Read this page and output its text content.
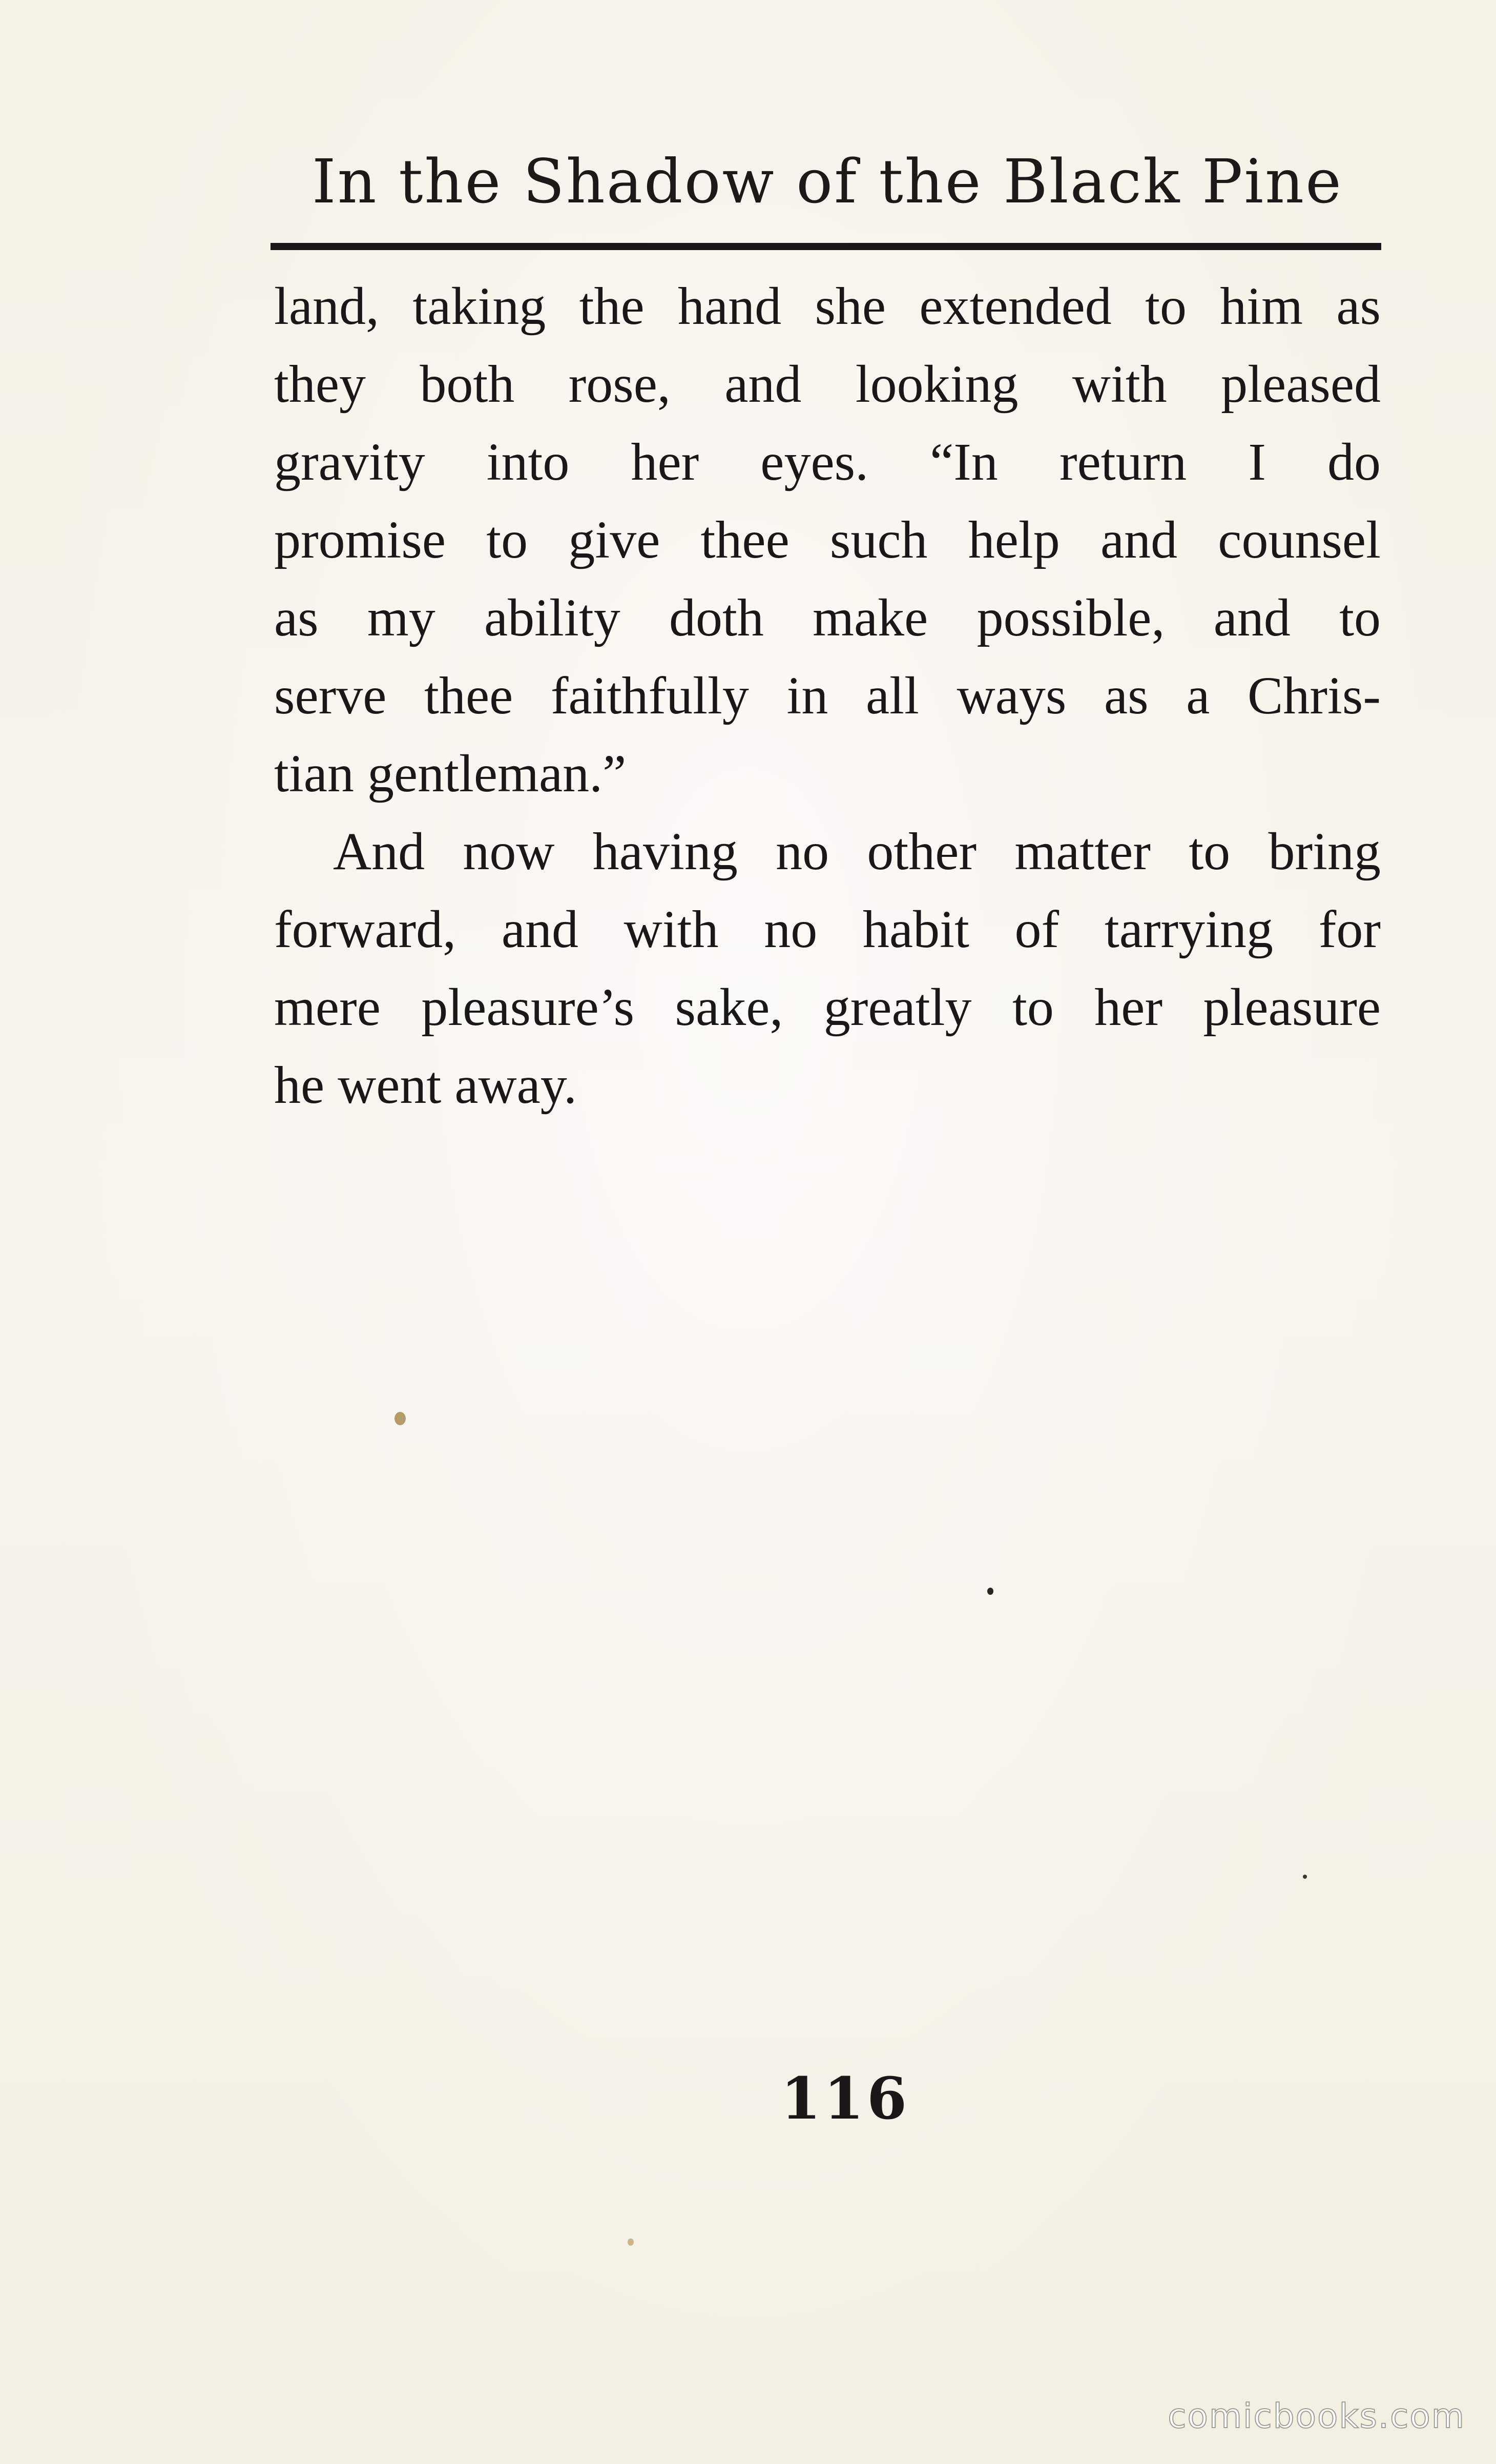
In the Shadow of the Black Pine
land, taking the hand she extended to him as
they both rose, and looking with pleased
gravity into her eyes. “In return I do
promise to give thee such help and counsel
as my ability doth make possible, and to
serve thee faithfully in all ways as a Chris-
tian gentleman.”
And now having no other matter to bring
forward, and with no habit of tarrying for
mere pleasure’s sake, greatly to her pleasure
he went away.
116
comicbooks.com
